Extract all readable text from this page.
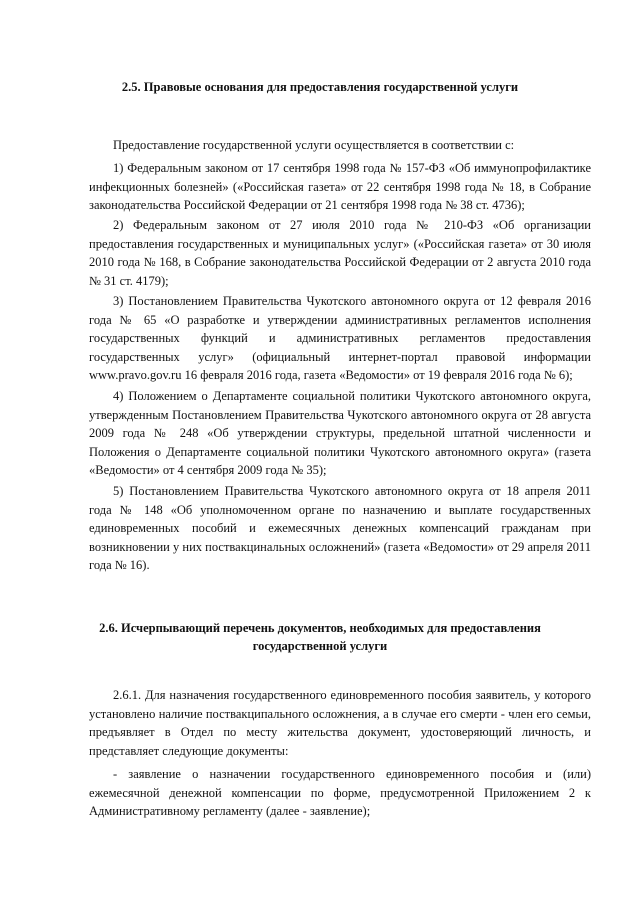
2.5. Правовые основания для предоставления государственной услуги

Предоставление государственной услуги осуществляется в соответствии с:

1) Федеральным законом от 17 сентября 1998 года № 157-ФЗ «Об иммунопрофилактике инфекционных болезней» («Российская газета» от 22 сентября 1998 года № 18, в Собрание законодательства Российской Федерации от 21 сентября 1998 года № 38 ст. 4736);

2) Федеральным законом от 27 июля 2010 года № 210-ФЗ «Об организации предоставления государственных и муниципальных услуг» («Российская газета» от 30 июля 2010 года № 168, в Собрание законодательства Российской Федерации от 2 августа 2010 года № 31 ст. 4179);

3) Постановлением Правительства Чукотского автономного округа от 12 февраля 2016 года № 65 «О разработке и утверждении административных регламентов исполнения государственных функций и административных регламентов предоставления государственных услуг» (официальный интернет-портал правовой информации www.pravo.gov.ru 16 февраля 2016 года, газета «Ведомости» от 19 февраля 2016 года № 6);

4) Положением о Департаменте социальной политики Чукотского автономного округа, утвержденным Постановлением Правительства Чукотского автономного округа от 28 августа 2009 года № 248 «Об утверждении структуры, предельной штатной численности и Положения о Департаменте социальной политики Чукотского автономного округа» (газета «Ведомости» от 4 сентября 2009 года № 35);

5) Постановлением Правительства Чукотского автономного округа от 18 апреля 2011 года № 148 «Об уполномоченном органе по назначению и выплате государственных единовременных пособий и ежемесячных денежных компенсаций гражданам при возникновении у них поствакцинальных осложнений» (газета «Ведомости» от 29 апреля 2011 года № 16).

2.6. Исчерпывающий перечень документов, необходимых для предоставления
государственной услуги

2.6.1. Для назначения государственного единовременного пособия заявитель, у которого установлено наличие поствакципального осложнения, а в случае его смерти - член его семьи, предъявляет в Отдел по месту жительства документ, удостоверяющий личность, и представляет следующие документы:

- заявление о назначении государственного единовременного пособия и (или) ежемесячной денежной компенсации по форме, предусмотренной Приложением 2 к Административному регламенту (далее - заявление);
